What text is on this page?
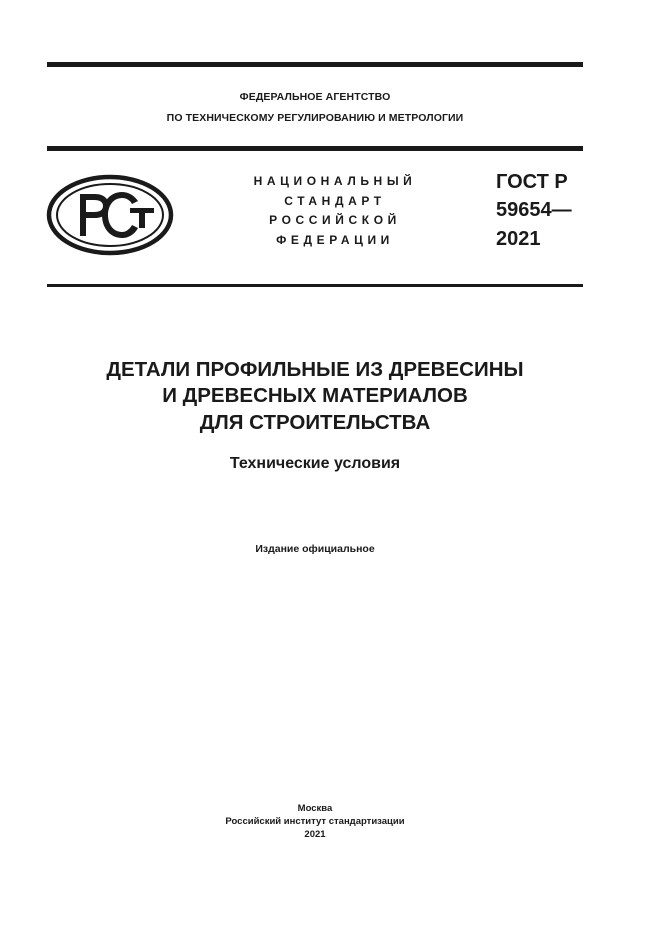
ФЕДЕРАЛЬНОЕ АГЕНТСТВО
ПО ТЕХНИЧЕСКОМУ РЕГУЛИРОВАНИЮ И МЕТРОЛОГИИ
НАЦИОНАЛЬНЫЙ
СТАНДАРТ
РОССИЙСКОЙ
ФЕДЕРАЦИИ
ГОСТ Р
59654—
2021
ДЕТАЛИ ПРОФИЛЬНЫЕ ИЗ ДРЕВЕСИНЫ
И ДРЕВЕСНЫХ МАТЕРИАЛОВ
ДЛЯ СТРОИТЕЛЬСТВА
Технические условия
Издание официальное
Москва
Российский институт стандартизации
2021
